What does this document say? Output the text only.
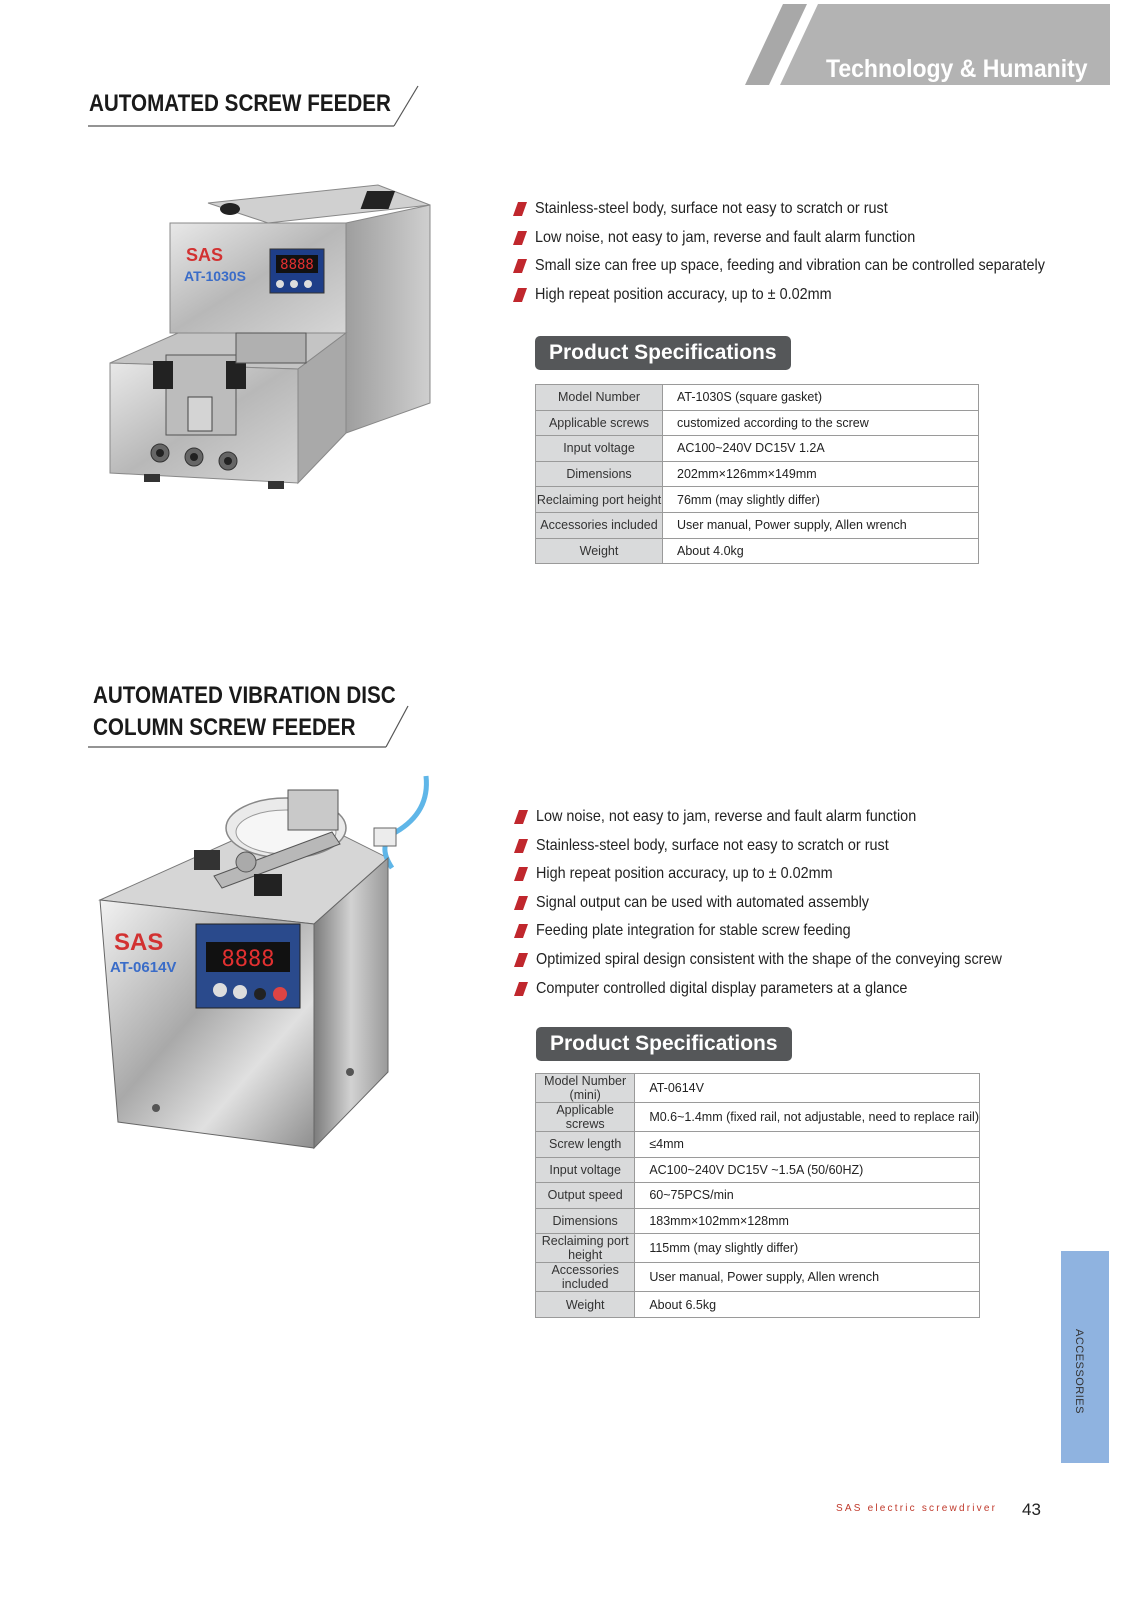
Technology & Humanity
AUTOMATED SCREW FEEDER
8888
SAS
AT-1030S
Stainless-steel body, surface not easy to scratch or rust
Low noise, not easy to jam, reverse and fault alarm function
Small size can free up space, feeding and vibration can be controlled separately
High repeat position accuracy, up to ± 0.02mm
Product Specifications
Model Number	AT-1030S (square gasket)
Applicable screws	customized according to the screw
Input voltage	AC100~240V DC15V 1.2A
Dimensions	202mm×126mm×149mm
Reclaiming port height	76mm (may slightly differ)
Accessories included	User manual, Power supply, Allen wrench
Weight	About 4.0kg
AUTOMATED VIBRATION DISC
COLUMN SCREW FEEDER
8888
SAS
AT-0614V
Low noise, not easy to jam, reverse and fault alarm function
Stainless-steel body, surface not easy to scratch or rust
High repeat position accuracy, up to ± 0.02mm
Signal output can be used with automated assembly
Feeding plate integration for stable screw feeding
Optimized spiral design consistent with the shape of the conveying screw
Computer controlled digital display parameters at a glance
Product Specifications
Model Number (mini)	AT-0614V
Applicable screws	M0.6~1.4mm (fixed rail, not adjustable, need to replace rail)
Screw length	≤4mm
Input voltage	AC100~240V DC15V ~1.5A (50/60HZ)
Output speed	60~75PCS/min
Dimensions	183mm×102mm×128mm
Reclaiming port height	115mm (may slightly differ)
Accessories included	User manual, Power supply, Allen wrench
Weight	About 6.5kg
ACCESSORIES
SAS electric screwdriver 43
